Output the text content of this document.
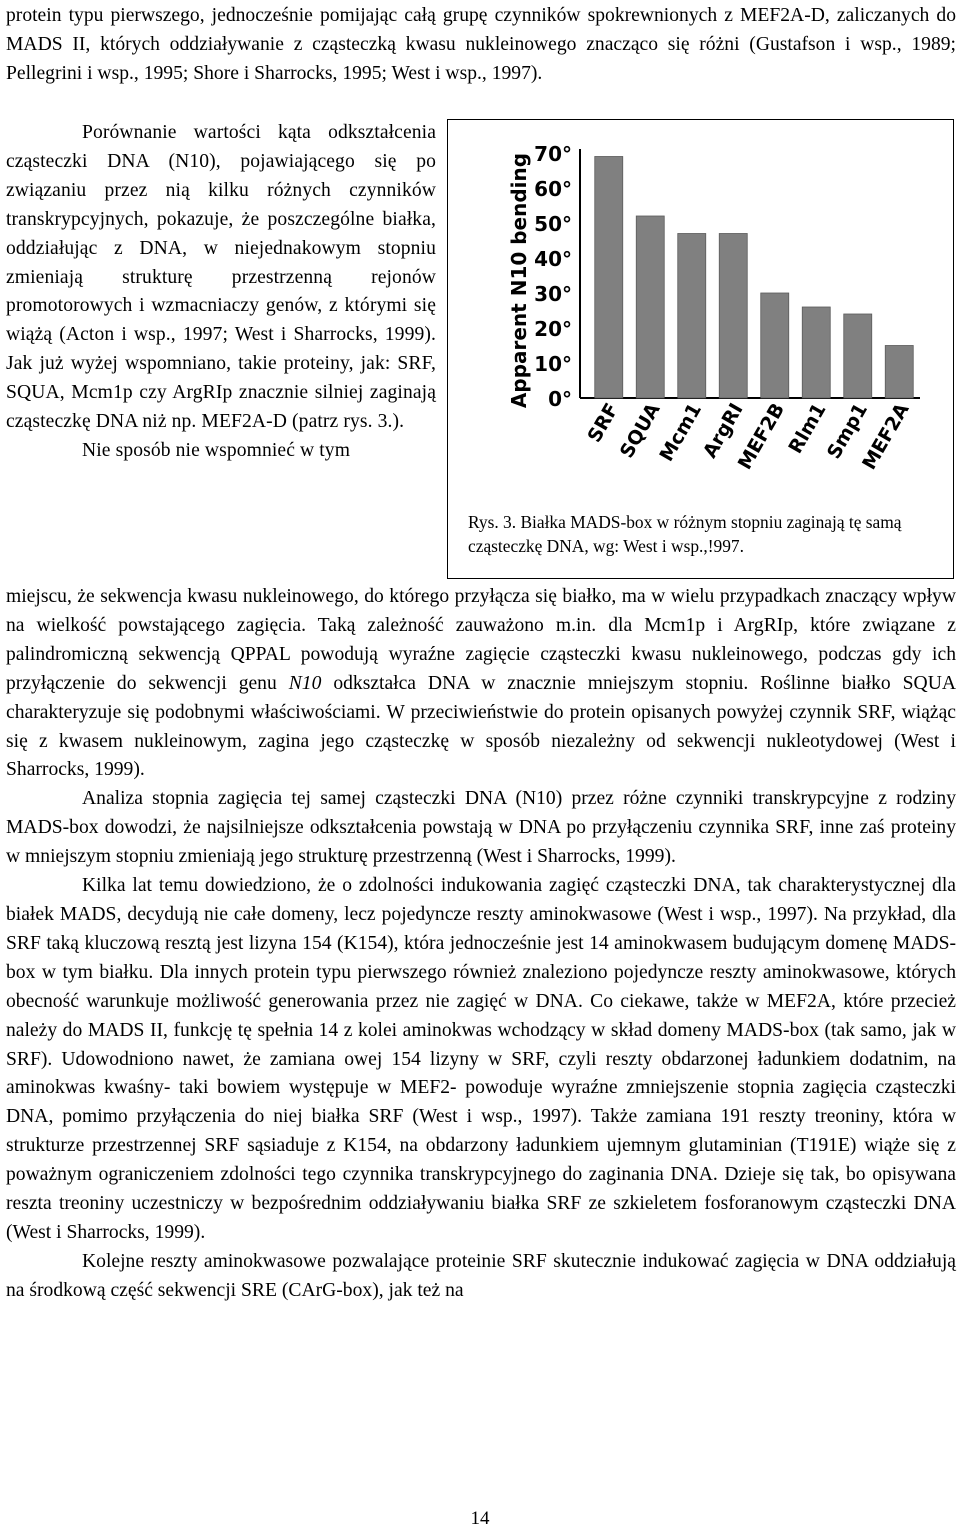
protein typu pierwszego, jednocześnie pomijając całą grupę czynników spokrewnionych z MEF2A-D, zaliczanych do MADS II, których oddziaływanie z cząsteczką kwasu nukleinowego znacząco się różni (Gustafson i wsp., 1989; Pellegrini i wsp., 1995; Shore i Sharrocks, 1995; West i wsp., 1997).

Porównanie wartości kąta odkształcenia cząsteczki DNA (N10), pojawiającego się po związaniu przez nią kilku różnych czynników transkrypcyjnych, pokazuje, że poszczególne białka, oddziałując z DNA, w niejednakowym stopniu zmieniają strukturę przestrzenną rejonów promotorowych i wzmacniaczy genów, z którymi się wiążą (Acton i wsp., 1997; West i Sharrocks, 1999). Jak już wyżej wspomniano, takie proteiny, jak: SRF, SQUA, Mcm1p czy ArgRIp znacznie silniej zaginają cząsteczkę DNA niż np. MEF2A-D (patrz rys. 3.).

Nie sposób nie wspomnieć w tym

Apparent N10 bending 0°
10°
20°
30°
40°
50°
60°
70°
SRF
SQUA
Mcm1
ArgRI
MEF2B
Rlm1
Smp1
MEF2A
Rys. 3. Białka MADS-box w różnym stopniu zaginają tę samą cząsteczkę DNA, wg: West i wsp.,!997.

miejscu, że sekwencja kwasu nukleinowego, do którego przyłącza się białko, ma w wielu przypadkach znaczący wpływ na wielkość powstającego zagięcia. Taką zależność zauważono m.in. dla Mcm1p i ArgRIp, które związane z palindromiczną sekwencją QPPAL powodują wyraźne zagięcie cząsteczki kwasu nukleinowego, podczas gdy ich przyłączenie do sekwencji genu N10 odkształca DNA w znacznie mniejszym stopniu. Roślinne białko SQUA charakteryzuje się podobnymi właściwościami. W przeciwieństwie do protein opisanych powyżej czynnik SRF, wiążąc się z kwasem nukleinowym, zagina jego cząsteczkę w sposób niezależny od sekwencji nukleotydowej (West i Sharrocks, 1999).

Analiza stopnia zagięcia tej samej cząsteczki DNA (N10) przez różne czynniki transkrypcyjne z rodziny MADS-box dowodzi, że najsilniejsze odkształcenia powstają w DNA po przyłączeniu czynnika SRF, inne zaś proteiny w mniejszym stopniu zmieniają jego strukturę przestrzenną (West i Sharrocks, 1999).

Kilka lat temu dowiedziono, że o zdolności indukowania zagięć cząsteczki DNA, tak charakterystycznej dla białek MADS, decydują nie całe domeny, lecz pojedyncze reszty aminokwasowe (West i wsp., 1997). Na przykład, dla SRF taką kluczową resztą jest lizyna 154 (K154), która jednocześnie jest 14 aminokwasem budującym domenę MADS-box w tym białku. Dla innych protein typu pierwszego również znaleziono pojedyncze reszty aminokwasowe, których obecność warunkuje możliwość generowania przez nie zagięć w DNA. Co ciekawe, także w MEF2A, które przecież należy do MADS II, funkcję tę spełnia 14 z kolei aminokwas wchodzący w skład domeny MADS-box (tak samo, jak w SRF). Udowodniono nawet, że zamiana owej 154 lizyny w SRF, czyli reszty obdarzonej ładunkiem dodatnim, na aminokwas kwaśny- taki bowiem występuje w MEF2- powoduje wyraźne zmniejszenie stopnia zagięcia cząsteczki DNA, pomimo przyłączenia do niej białka SRF (West i wsp., 1997). Także zamiana 191 reszty treoniny, która w strukturze przestrzennej SRF sąsiaduje z K154, na obdarzony ładunkiem ujemnym glutaminian (T191E) wiąże się z poważnym ograniczeniem zdolności tego czynnika transkrypcyjnego do zaginania DNA. Dzieje się tak, bo opisywana reszta treoniny uczestniczy w bezpośrednim oddziaływaniu białka SRF ze szkieletem fosforanowym cząsteczki DNA (West i Sharrocks, 1999).

Kolejne reszty aminokwasowe pozwalające proteinie SRF skutecznie indukować zagięcia w DNA oddziałują na środkową część sekwencji SRE (CArG-box), jak też na

14
